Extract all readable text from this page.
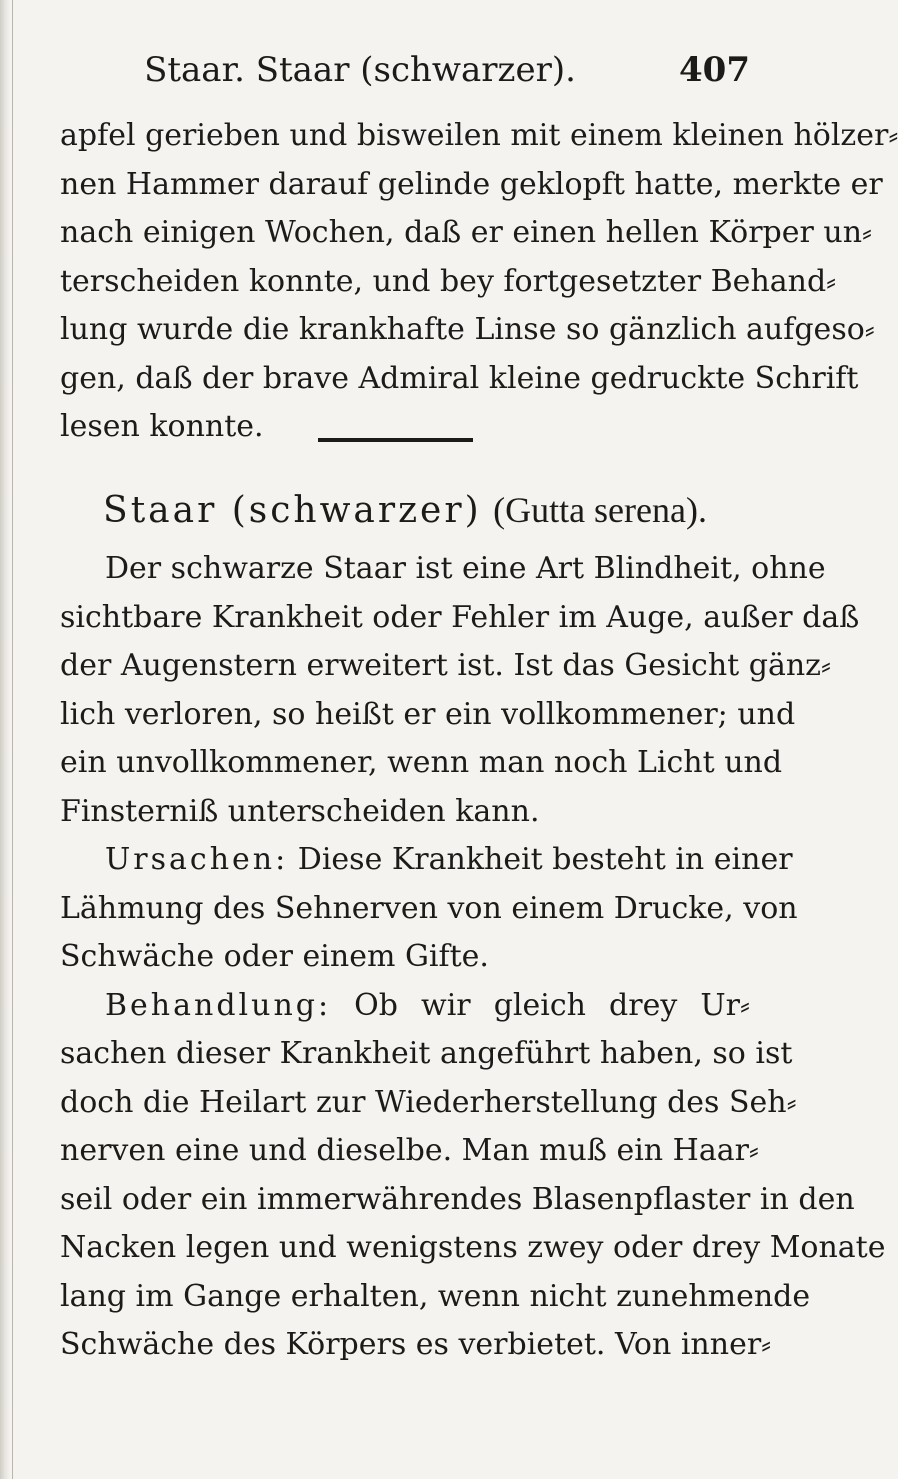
Staar. Staar (schwarzer).	407
apfel gerieben und bisweilen mit einem kleinen hölzer⸗
nen Hammer darauf gelinde geklopft hatte, merkte er
nach einigen Wochen, daß er einen hellen Körper un⸗
terscheiden konnte, und bey fortgesetzter Behand⸗
lung wurde die krankhafte Linse so gänzlich aufgeso⸗
gen, daß der brave Admiral kleine gedruckte Schrift
lesen konnte.
Staar (schwarzer) (Gutta serena).
Der schwarze Staar ist eine Art Blindheit, ohne
sichtbare Krankheit oder Fehler im Auge, außer daß
der Augenstern erweitert ist. Ist das Gesicht gänz⸗
lich verloren, so heißt er ein vollkommener; und
ein unvollkommener, wenn man noch Licht und
Finsterniß unterscheiden kann.
Ursachen: Diese Krankheit besteht in einer
Lähmung des Sehnerven von einem Drucke, von
Schwäche oder einem Gifte.
Behandlung: Ob wir gleich drey Ur⸗
sachen dieser Krankheit angeführt haben, so ist
doch die Heilart zur Wiederherstellung des Seh⸗
nerven eine und dieselbe. Man muß ein Haar⸗
seil oder ein immerwährendes Blasenpflaster in den
Nacken legen und wenigstens zwey oder drey Monate
lang im Gange erhalten, wenn nicht zunehmende
Schwäche des Körpers es verbietet. Von inner⸗
